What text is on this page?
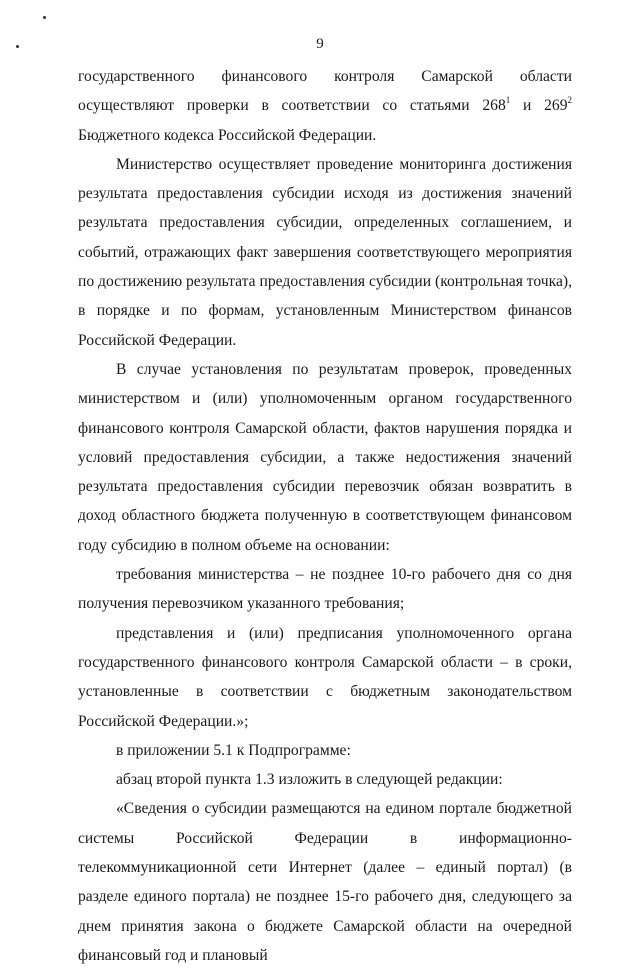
9

государственного финансового контроля Самарской области осуществляют проверки в соответствии со статьями $268^1$ и $269^2$ Бюджетного кодекса Российской Федерации.

Министерство осуществляет проведение мониторинга достижения результата предоставления субсидии исходя из достижения значений результата предоставления субсидии, определенных соглашением, и событий, отражающих факт завершения соответствующего мероприятия по достижению результата предоставления субсидии (контрольная точка), в порядке и по формам, установленным Министерством финансов Российской Федерации.

В случае установления по результатам проверок, проведенных министерством и (или) уполномоченным органом государственного финансового контроля Самарской области, фактов нарушения порядка и условий предоставления субсидии, а также недостижения значений результата предоставления субсидии перевозчик обязан возвратить в доход областного бюджета полученную в соответствующем финансовом году субсидию в полном объеме на основании:

требования министерства – не позднее 10-го рабочего дня со дня получения перевозчиком указанного требования;

представления и (или) предписания уполномоченного органа государственного финансового контроля Самарской области – в сроки, установленные в соответствии с бюджетным законодательством Российской Федерации.»;

в приложении 5.1 к Подпрограмме:

абзац второй пункта 1.3 изложить в следующей редакции:

«Сведения о субсидии размещаются на едином портале бюджетной системы Российской Федерации в информационно-телекоммуникационной сети Интернет (далее – единый портал) (в разделе единого портала) не позднее 15-го рабочего дня, следующего за днем принятия закона о бюджете Самарской области на очередной финансовый год и плановый
